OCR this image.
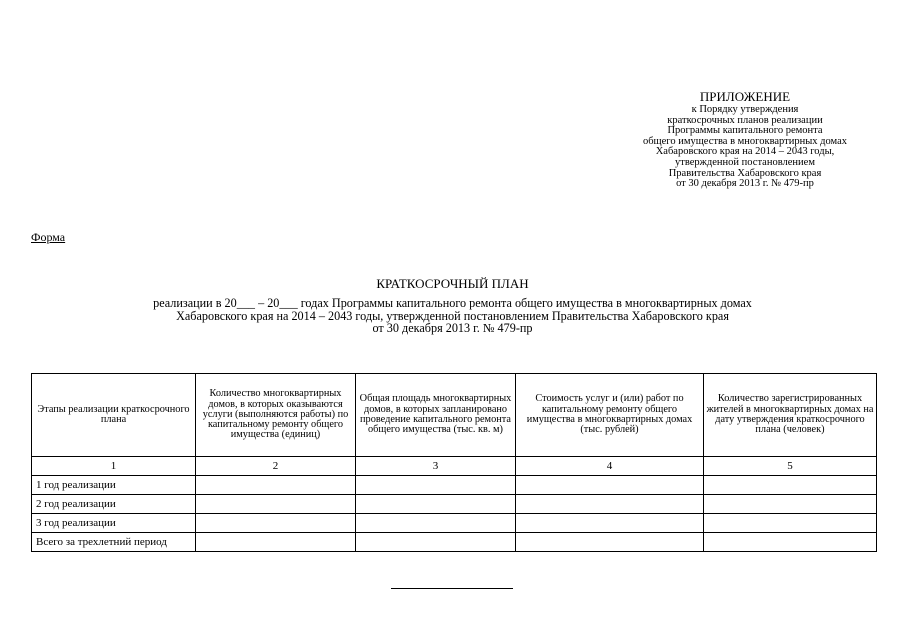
ПРИЛОЖЕНИЕ
к Порядку утверждения
краткосрочных планов реализации
Программы капитального ремонта
общего имущества в многоквартирных домах
Хабаровского края на 2014 – 2043 годы,
утвержденной постановлением
Правительства Хабаровского края
от 30 декабря 2013 г. № 479-пр
Форма
КРАТКОСРОЧНЫЙ ПЛАН
реализации в 20___ – 20___ годах Программы капитального ремонта общего имущества в многоквартирных домах
Хабаровского края на 2014 – 2043 годы, утвержденной постановлением Правительства Хабаровского края
от 30 декабря 2013 г. № 479-пр
Этапы реализации краткосрочного плана	Количество многоквартирных домов, в которых оказываются услуги (выполняются работы) по капитальному ремонту общего имущества (единиц)	Общая площадь многоквартирных домов, в которых запланировано проведение капитального ремонта общего имущества (тыс. кв. м)	Стоимость услуг и (или) работ по капитальному ремонту общего имущества в многоквартирных домах (тыс. рублей)	Количество зарегистрированных жителей в многоквартирных домах на дату утверждения краткосрочного плана (человек)
1	2	3	4	5
1 год реализации				
2 год реализации				
3 год реализации				
Всего за трехлетний период				
